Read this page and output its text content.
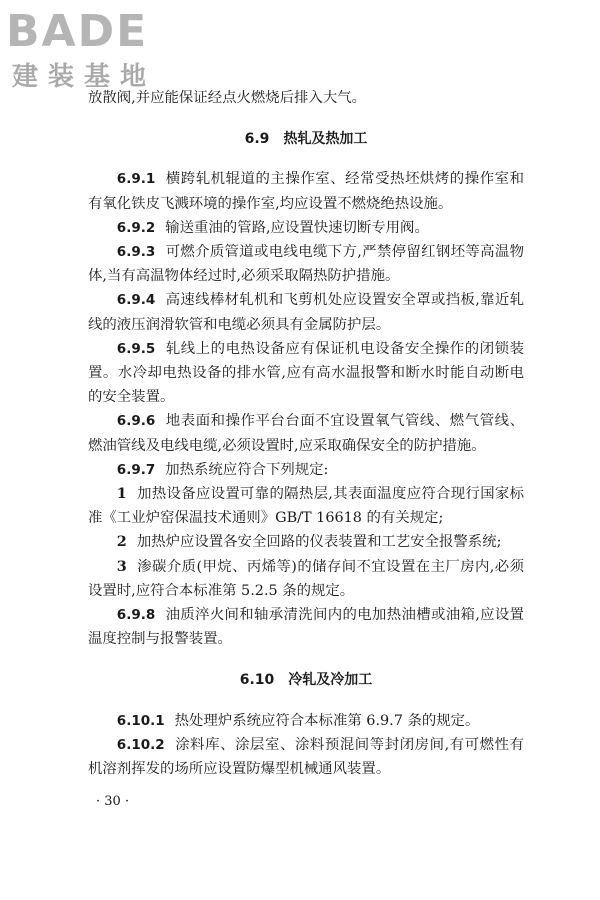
BADE
建装基地

放散阀,并应能保证经点火燃烧后排入大气。

6.9 热轧及热加工

6.9.1 横跨轧机辊道的主操作室、经常受热坯烘烤的操作室和有氧化铁皮飞溅环境的操作室,均应设置不燃烧绝热设施。

6.9.2 输送重油的管路,应设置快速切断专用阀。

6.9.3 可燃介质管道或电线电缆下方,严禁停留红钢坯等高温物体,当有高温物体经过时,必须采取隔热防护措施。

6.9.4 高速线棒材轧机和飞剪机处应设置安全罩或挡板,靠近轧线的液压润滑软管和电缆必须具有金属防护层。

6.9.5 轧线上的电热设备应有保证机电设备安全操作的闭锁装置。水冷却电热设备的排水管,应有高水温报警和断水时能自动断电的安全装置。

6.9.6 地表面和操作平台台面不宜设置氧气管线、燃气管线、燃油管线及电线电缆,必须设置时,应采取确保安全的防护措施。

6.9.7 加热系统应符合下列规定:

1 加热设备应设置可靠的隔热层,其表面温度应符合现行国家标准《工业炉窑保温技术通则》GB/T 16618 的有关规定;

2 加热炉应设置各安全回路的仪表装置和工艺安全报警系统;

3 渗碳介质(甲烷、丙烯等)的储存间不宜设置在主厂房内,必须设置时,应符合本标准第 5.2.5 条的规定。

6.9.8 油质淬火间和轴承清洗间内的电加热油槽或油箱,应设置温度控制与报警装置。

6.10 冷轧及冷加工

6.10.1 热处理炉系统应符合本标准第 6.9.7 条的规定。

6.10.2 涂料库、涂层室、涂料预混间等封闭房间,有可燃性有机溶剂挥发的场所应设置防爆型机械通风装置。

· 30 ·
